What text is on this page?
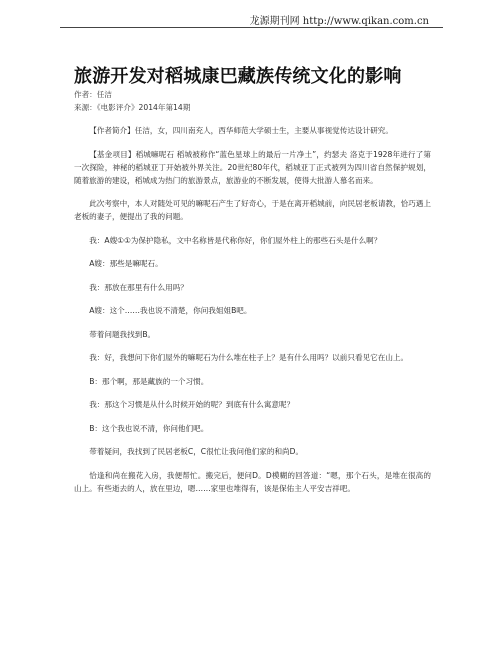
龙源期刊网 http://www.qikan.com.cn
旅游开发对稻城康巴藏族传统文化的影响
作者：任洁
来源：《电影评介》2014年第14期

【作者简介】任洁，女，四川南充人，西华师范大学硕士生，主要从事视觉传达设计研究。

【基金项目】稻城嘛呢石 稻城被称作“蓝色星球上的最后一片净土”，约瑟夫 洛克于1928年进行了第一次探险，神秘的稻城亚丁开始被外界关注。20世纪80年代，稻城亚丁正式被列为四川省自然保护规划，随着旅游的建设，稻城成为热门的旅游景点，旅游业的不断发展，使得大批游人慕名而来。

此次考察中，本人对随处可见的嘛呢石产生了好奇心，于是在离开稻城前，向民居老板请教，恰巧遇上老板的妻子，便提出了我的问题。

我：A嫂①①为保护隐私，文中名称皆是代称你好，你们屋外柱上的那些石头是什么啊？

A嫂：那些是嘛呢石。

我：那放在那里有什么用吗？

A嫂：这个……我也说不清楚，你问我姐姐B吧。

带着问题我找到B。

我：好，我想问下你们屋外的嘛呢石为什么堆在柱子上？是有什么用吗？以前只看见它在山上。

B：那个啊，那是藏族的一个习惯。

我：那这个习惯是从什么时候开始的呢？到底有什么寓意呢？

B：这个我也说不清，你问他们吧。

带着疑问，我找到了民居老板C，C很忙让我问他们家的和尚D。

恰逢和尚在搬花入房，我便帮忙。搬完后，便问D。D模糊的回答道：“嗯，那个石头，是堆在很高的山上。有些逝去的人，放在里边，嗯……家里也堆得有，该是保佑主人平安吉祥吧。
